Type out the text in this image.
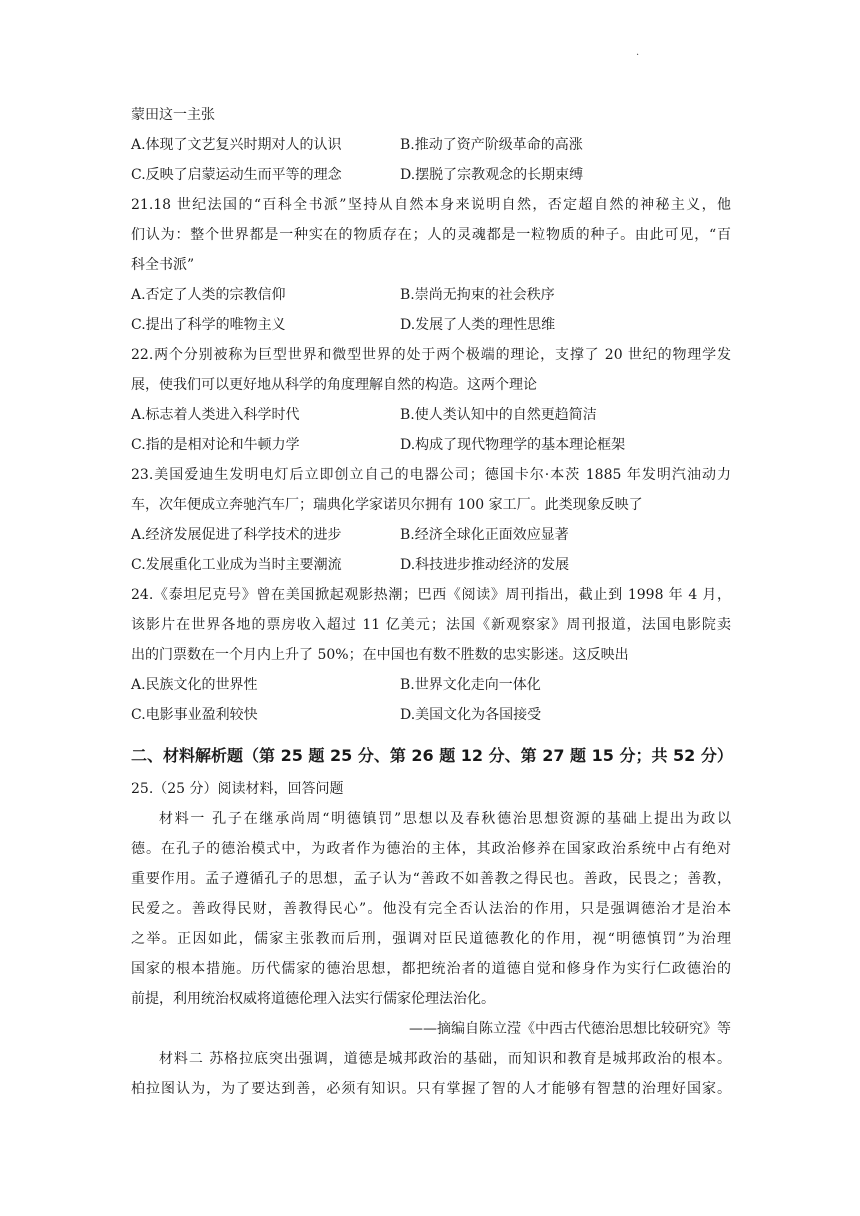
·
蒙田这一主张
A.体现了文艺复兴时期对人的认识	B.推动了资产阶级革命的高涨
C.反映了启蒙运动生而平等的理念	D.摆脱了宗教观念的长期束缚
21.18 世纪法国的“百科全书派”坚持从自然本身来说明自然，否定超自然的神秘主义，他
们认为：整个世界都是一种实在的物质存在；人的灵魂都是一粒物质的种子。由此可见，“百
科全书派”
A.否定了人类的宗教信仰	B.崇尚无拘束的社会秩序
C.提出了科学的唯物主义	D.发展了人类的理性思维
22.两个分别被称为巨型世界和微型世界的处于两个极端的理论，支撑了 20 世纪的物理学发
展，使我们可以更好地从科学的角度理解自然的构造。这两个理论
A.标志着人类进入科学时代	B.使人类认知中的自然更趋简洁
C.指的是相对论和牛顿力学	D.构成了现代物理学的基本理论框架
23.美国爱迪生发明电灯后立即创立自己的电器公司；德国卡尔·本茨 1885 年发明汽油动力
车，次年便成立奔驰汽车厂；瑞典化学家诺贝尔拥有 100 家工厂。此类现象反映了
A.经济发展促进了科学技术的进步	B.经济全球化正面效应显著
C.发展重化工业成为当时主要潮流	D.科技进步推动经济的发展
24.《泰坦尼克号》曾在美国掀起观影热潮；巴西《阅读》周刊指出，截止到 1998 年 4 月，
该影片在世界各地的票房收入超过 11 亿美元；法国《新观察家》周刊报道，法国电影院卖
出的门票数在一个月内上升了 50%；在中国也有数不胜数的忠实影迷。这反映出
A.民族文化的世界性	B.世界文化走向一体化
C.电影事业盈利较快	D.美国文化为各国接受
二、材料解析题（第 25 题 25 分、第 26 题 12 分、第 27 题 15 分；共 52 分）
25.（25 分）阅读材料，回答问题
材料一 孔子在继承尚周“明德镇罚”思想以及春秋德治思想资源的基础上提出为政以
德。在孔子的德治模式中，为政者作为德治的主体，其政治修养在国家政治系统中占有绝对
重要作用。孟子遵循孔子的思想，孟子认为“善政不如善教之得民也。善政，民畏之；善教，
民爱之。善政得民财，善教得民心”。他没有完全否认法治的作用，只是强调德治才是治本
之举。正因如此，儒家主张教而后刑，强调对臣民道德教化的作用，视“明德慎罚”为治理
国家的根本措施。历代儒家的德治思想，都把统治者的道德自觉和修身作为实行仁政德治的
前提，利用统治权威将道德伦理入法实行儒家伦理法治化。
——摘编自陈立滢《中西古代德治思想比较研究》等
材料二 苏格拉底突出强调，道德是城邦政治的基础，而知识和教育是城邦政治的根本。
柏拉图认为，为了要达到善，必须有知识。只有掌握了智的人才能够有智慧的治理好国家。
